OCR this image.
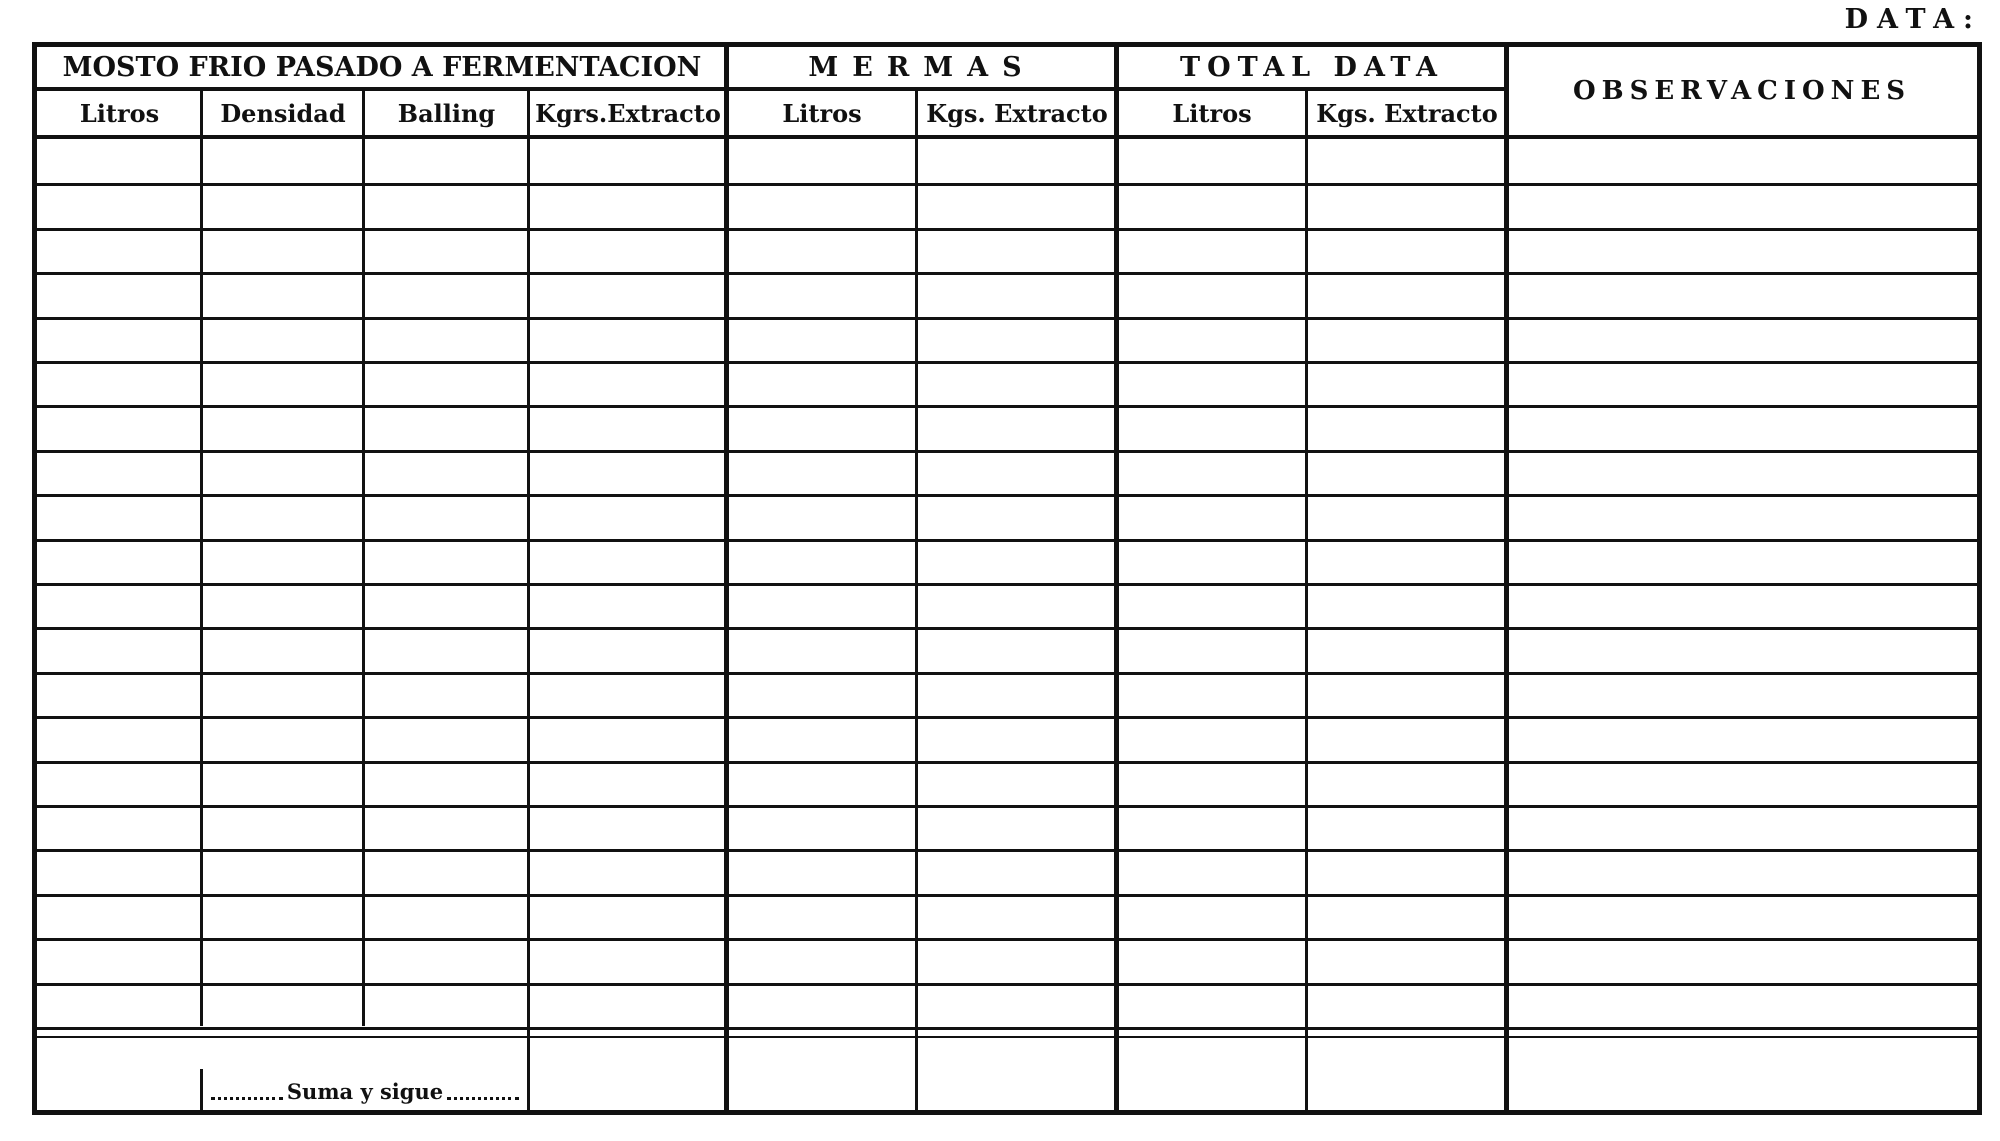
DATA:
MOSTO FRIO PASADO A FERMENTACION	MERMAS	TOTAL DATA
OBSERVACIONES
Litros	Densidad	Balling	Kgrs.Extracto	Litros	Kgs. Extracto	Litros	Kgs. Extracto
Suma y sigue
